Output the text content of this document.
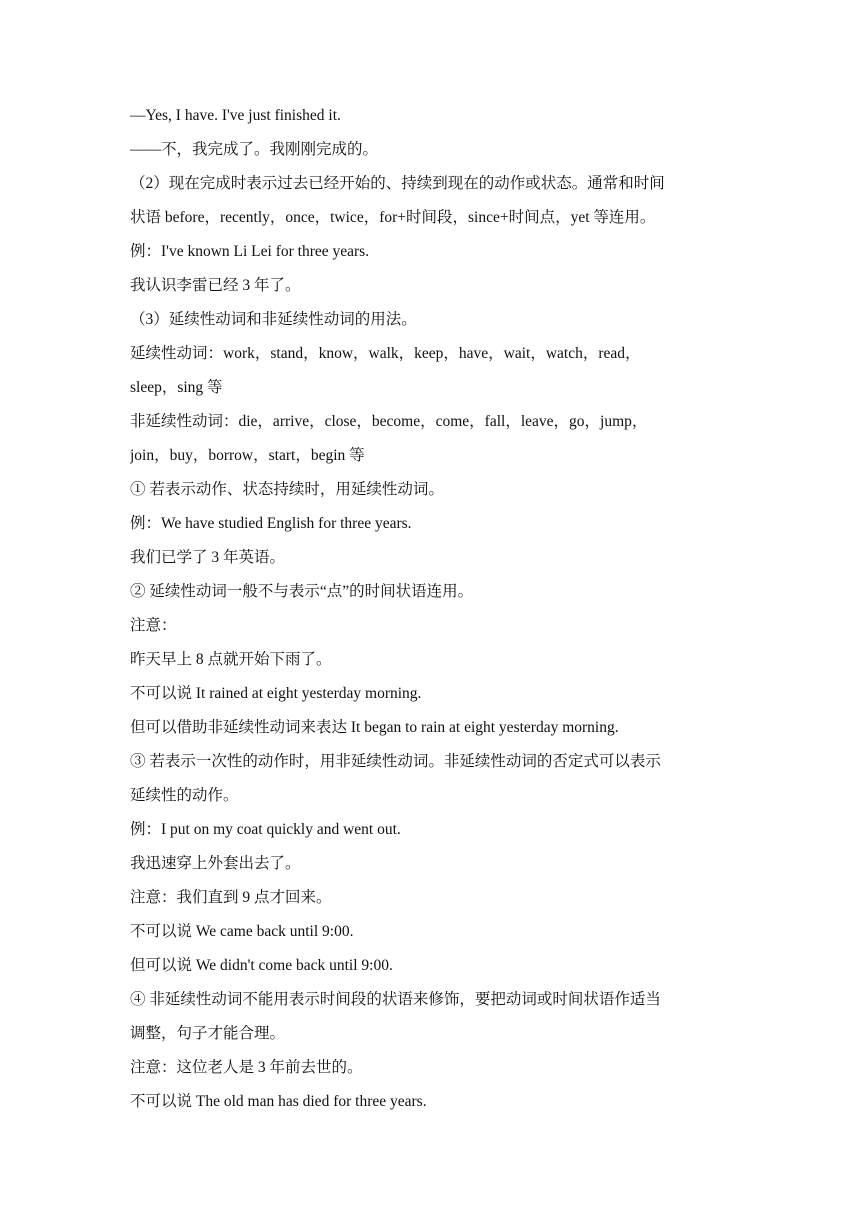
—Yes, I have. I've just finished it.
——不，我完成了。我刚刚完成的。
（2）现在完成时表示过去已经开始的、持续到现在的动作或状态。通常和时间
状语 before，recently，once，twice，for+时间段，since+时间点，yet 等连用。
例：I've known Li Lei for three years.
我认识李雷已经 3 年了。
（3）延续性动词和非延续性动词的用法。
延续性动词：work，stand，know，walk，keep，have，wait，watch，read，
sleep，sing 等
非延续性动词：die，arrive，close，become，come，fall，leave，go，jump，
join，buy，borrow，start，begin 等
① 若表示动作、状态持续时，用延续性动词。
例：We have studied English for three years.
我们已学了 3 年英语。
② 延续性动词一般不与表示“点”的时间状语连用。
注意：
昨天早上 8 点就开始下雨了。
不可以说 It rained at eight yesterday morning.
但可以借助非延续性动词来表达 It began to rain at eight yesterday morning.
③ 若表示一次性的动作时，用非延续性动词。非延续性动词的否定式可以表示
延续性的动作。
例：I put on my coat quickly and went out.
我迅速穿上外套出去了。
注意：我们直到 9 点才回来。
不可以说 We came back until 9:00.
但可以说 We didn't come back until 9:00.
④ 非延续性动词不能用表示时间段的状语来修饰，要把动词或时间状语作适当
调整，句子才能合理。
注意：这位老人是 3 年前去世的。
不可以说 The old man has died for three years.
